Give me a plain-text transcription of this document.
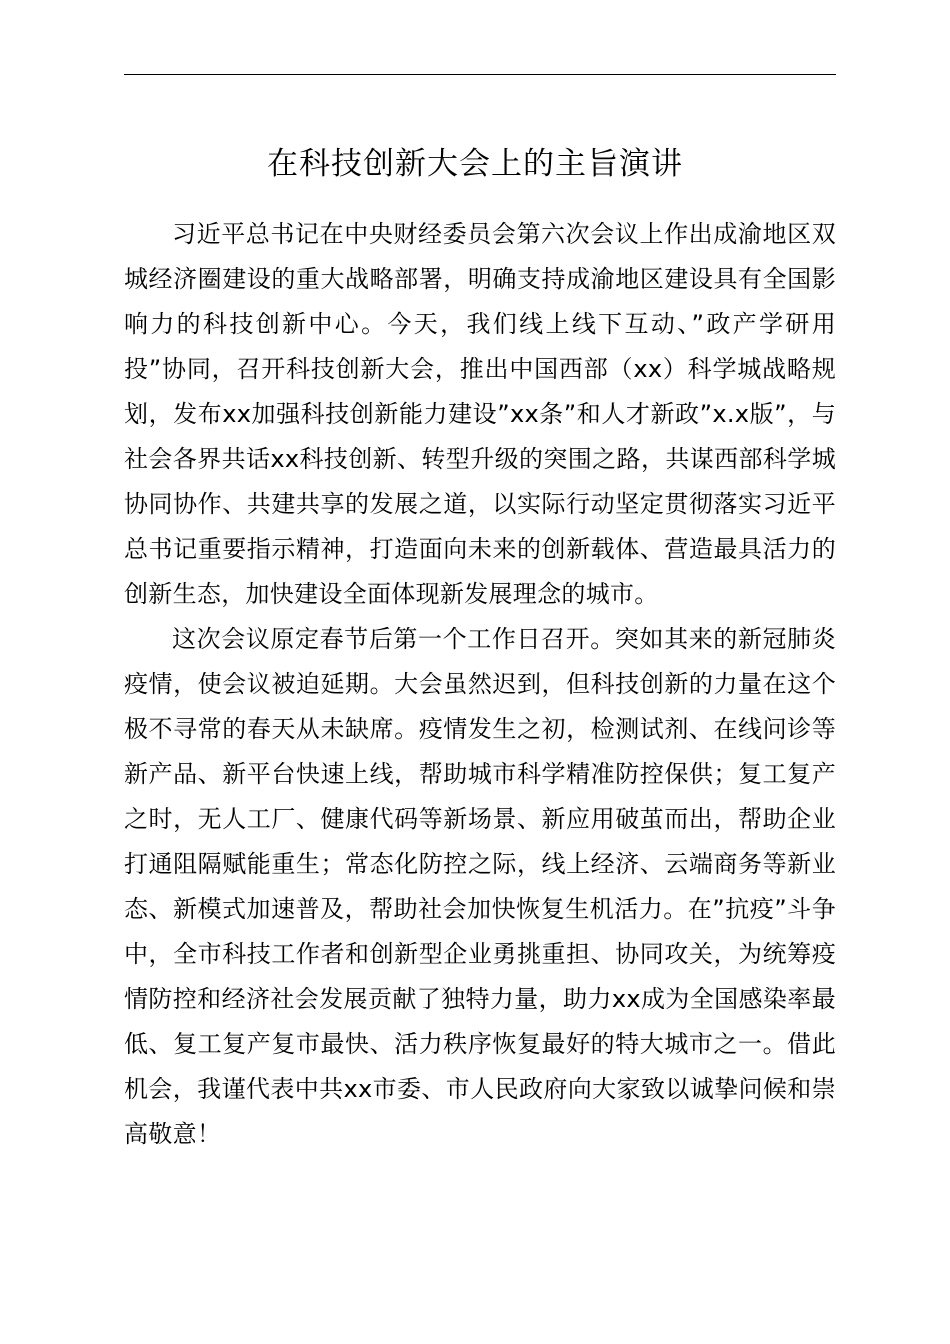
在科技创新大会上的主旨演讲

习近平总书记在中央财经委员会第六次会议上作出成渝地区双城经济圈建设的重大战略部署，明确支持成渝地区建设具有全国影响力的科技创新中心。今天，我们线上线下互动、”政产学研用投”协同，召开科技创新大会，推出中国西部（xx）科学城战略规划，发布xx加强科技创新能力建设”xx条”和人才新政”x.x版”，与社会各界共话xx科技创新、转型升级的突围之路，共谋西部科学城协同协作、共建共享的发展之道，以实际行动坚定贯彻落实习近平总书记重要指示精神，打造面向未来的创新载体、营造最具活力的创新生态，加快建设全面体现新发展理念的城市。

这次会议原定春节后第一个工作日召开。突如其来的新冠肺炎疫情，使会议被迫延期。大会虽然迟到，但科技创新的力量在这个极不寻常的春天从未缺席。疫情发生之初，检测试剂、在线问诊等新产品、新平台快速上线，帮助城市科学精准防控保供；复工复产之时，无人工厂、健康代码等新场景、新应用破茧而出，帮助企业打通阻隔赋能重生；常态化防控之际，线上经济、云端商务等新业态、新模式加速普及，帮助社会加快恢复生机活力。在”抗疫”斗争中，全市科技工作者和创新型企业勇挑重担、协同攻关，为统筹疫情防控和经济社会发展贡献了独特力量，助力xx成为全国感染率最低、复工复产复市最快、活力秩序恢复最好的特大城市之一。借此机会，我谨代表中共xx市委、市人民政府向大家致以诚挚问候和崇高敬意！
